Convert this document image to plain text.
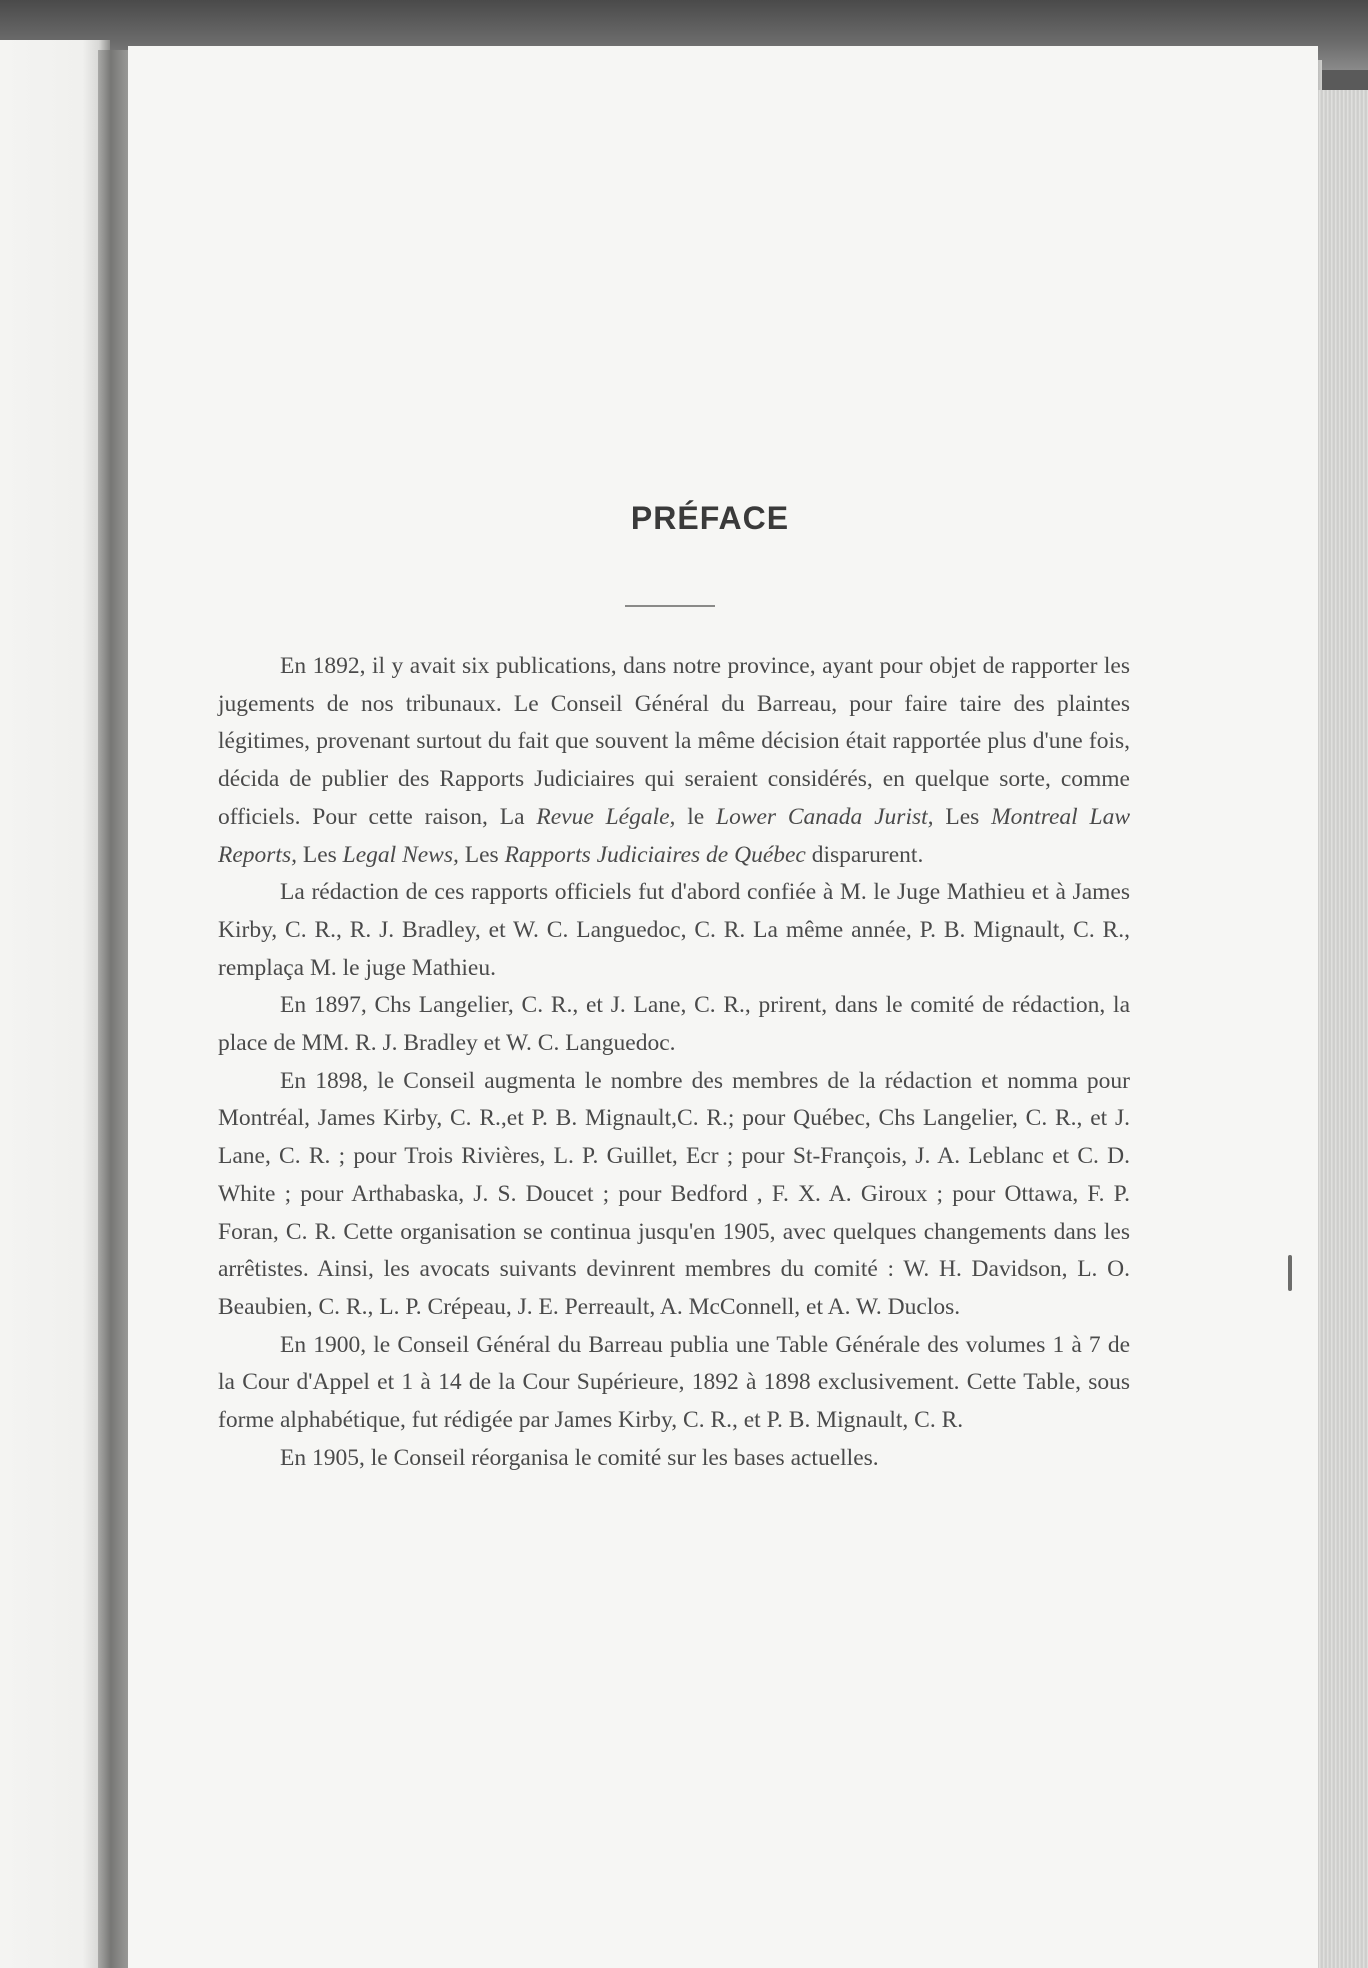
PRÉFACE

En 1892, il y avait six publications, dans notre province, ayant pour objet de rapporter les jugements de nos tribunaux. Le Conseil Général du Barreau, pour faire taire des plaintes légitimes, provenant surtout du fait que souvent la même décision était rapportée plus d'une fois, décida de publier des Rapports Judiciaires qui seraient considérés, en quelque sorte, comme officiels. Pour cette raison, La Revue Légale, le Lower Canada Jurist, Les Montreal Law Reports, Les Legal News, Les Rapports Judiciaires de Québec disparurent.

La rédaction de ces rapports officiels fut d'abord confiée à M. le Juge Mathieu et à James Kirby, C. R., R. J. Bradley, et W. C. Languedoc, C. R. La même année, P. B. Mignault, C. R., remplaça M. le juge Mathieu.

En 1897, Chs Langelier, C. R., et J. Lane, C. R., prirent, dans le comité de rédaction, la place de MM. R. J. Bradley et W. C. Languedoc.

En 1898, le Conseil augmenta le nombre des membres de la rédaction et nomma pour Montréal, James Kirby, C. R.,et P. B. Mignault,C. R.; pour Québec, Chs Langelier, C. R., et J. Lane, C. R. ; pour Trois Rivières, L. P. Guillet, Ecr ; pour St-François, J. A. Leblanc et C. D. White ; pour Arthabaska, J. S. Doucet ; pour Bedford , F. X. A. Giroux ; pour Ottawa, F. P. Foran, C. R. Cette organisation se continua jusqu'en 1905, avec quelques changements dans les arrêtistes. Ainsi, les avocats suivants devinrent membres du comité : W. H. Davidson, L. O. Beaubien, C. R., L. P. Crépeau, J. E. Perreault, A. McConnell, et A. W. Duclos.

En 1900, le Conseil Général du Barreau publia une Table Générale des volumes 1 à 7 de la Cour d'Appel et 1 à 14 de la Cour Supérieure, 1892 à 1898 exclusivement. Cette Table, sous forme alphabétique, fut rédigée par James Kirby, C. R., et P. B. Mignault, C. R.

En 1905, le Conseil réorganisa le comité sur les bases actuelles.
